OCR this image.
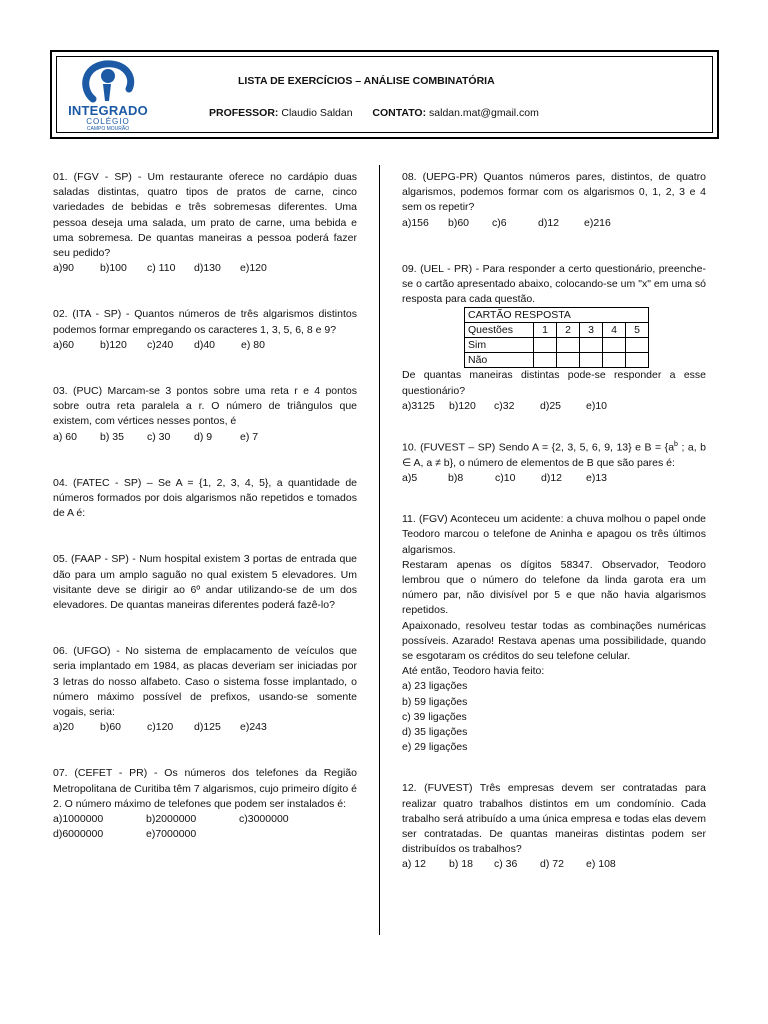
INTEGRADO
COLÉGIO
CAMPO MOURÃO
LISTA DE EXERCÍCIOS – ANÁLISE COMBINATÓRIA
PROFESSOR: Claudio Saldan CONTATO: saldan.mat@gmail.com

01. (FGV - SP) - Um restaurante oferece no cardápio duas saladas distintas, quatro tipos de pratos de carne, cinco variedades de bebidas e três sobremesas diferentes. Uma pessoa deseja uma salada, um prato de carne, uma bebida e uma sobremesa. De quantas maneiras a pessoa poderá fazer seu pedido?

a)90 b)100 c) 110 d)130 e)120

02. (ITA - SP) - Quantos números de três algarismos distintos podemos formar empregando os caracteres 1, 3, 5, 6, 8 e 9?

a)60 b)120 c)240 d)40 e) 80

03. (PUC) Marcam-se 3 pontos sobre uma reta r e 4 pontos sobre outra reta paralela a r. O número de triângulos que existem, com vértices nesses pontos, é

a) 60 b) 35 c) 30 d) 9	e) 7

04. (FATEC - SP) – Se A = {1, 2, 3, 4, 5}, a quantidade de números formados por dois algarismos não repetidos e tomados de A é:

05. (FAAP - SP) - Num hospital existem 3 portas de entrada que dão para um amplo saguão no qual existem 5 elevadores. Um visitante deve se dirigir ao 6º andar utilizando-se de um dos elevadores. De quantas maneiras diferentes poderá fazê-lo?

06. (UFGO) - No sistema de emplacamento de veículos que seria implantado em 1984, as placas deveriam ser iniciadas por 3 letras do nosso alfabeto. Caso o sistema fosse implantado, o número máximo possível de prefixos, usando-se somente vogais, seria:

a)20 b)60 c)120 d)125 e)243

07. (CEFET - PR) - Os números dos telefones da Região Metropolitana de Curitiba têm 7 algarismos, cujo primeiro dígito é 2. O número máximo de telefones que podem ser instalados é:

a)1000000	b)2000000	c)3000000
d)6000000	e)7000000

08. (UEPG-PR) Quantos números pares, distintos, de quatro algarismos, podemos formar com os algarismos 0, 1, 2, 3 e 4 sem os repetir?

a)156 b)60 c)6	d)12 e)216

09. (UEL - PR) - Para responder a certo questionário, preenche-se o cartão apresentado abaixo, colocando-se um "x" em uma só resposta para cada questão.

CARTÃO RESPOSTA					
Questões	1	2	3	4	5
Sim					
Não					

De quantas maneiras distintas pode-se responder a esse questionário?

a)3125 b)120 c)32 d)25 e)10

10. (FUVEST – SP) Sendo A = {2, 3, 5, 6, 9, 13} e $B = \{a^b$ ; a, b ∈ A, a ≠ b}, o número de elementos de B que são pares é:

a)5	b)8	c)10 d)12 e)13

11. (FGV) Aconteceu um acidente: a chuva molhou o papel onde Teodoro marcou o telefone de Aninha e apagou os três últimos algarismos.

Restaram apenas os dígitos 58347. Observador, Teodoro lembrou que o número do telefone da linda garota era um número par, não divisível por 5 e que não havia algarismos repetidos.

Apaixonado, resolveu testar todas as combinações numéricas possíveis. Azarado! Restava apenas uma possibilidade, quando se esgotaram os créditos do seu telefone celular.

Até então, Teodoro havia feito:

a) 23 ligações
b) 59 ligações
c) 39 ligações
d) 35 ligações
e) 29 ligações

12. (FUVEST) Três empresas devem ser contratadas para realizar quatro trabalhos distintos em um condomínio. Cada trabalho será atribuído a uma única empresa e todas elas devem ser contratadas. De quantas maneiras distintas podem ser distribuídos os trabalhos?

a) 12 b) 18 c) 36 d) 72 e) 108
